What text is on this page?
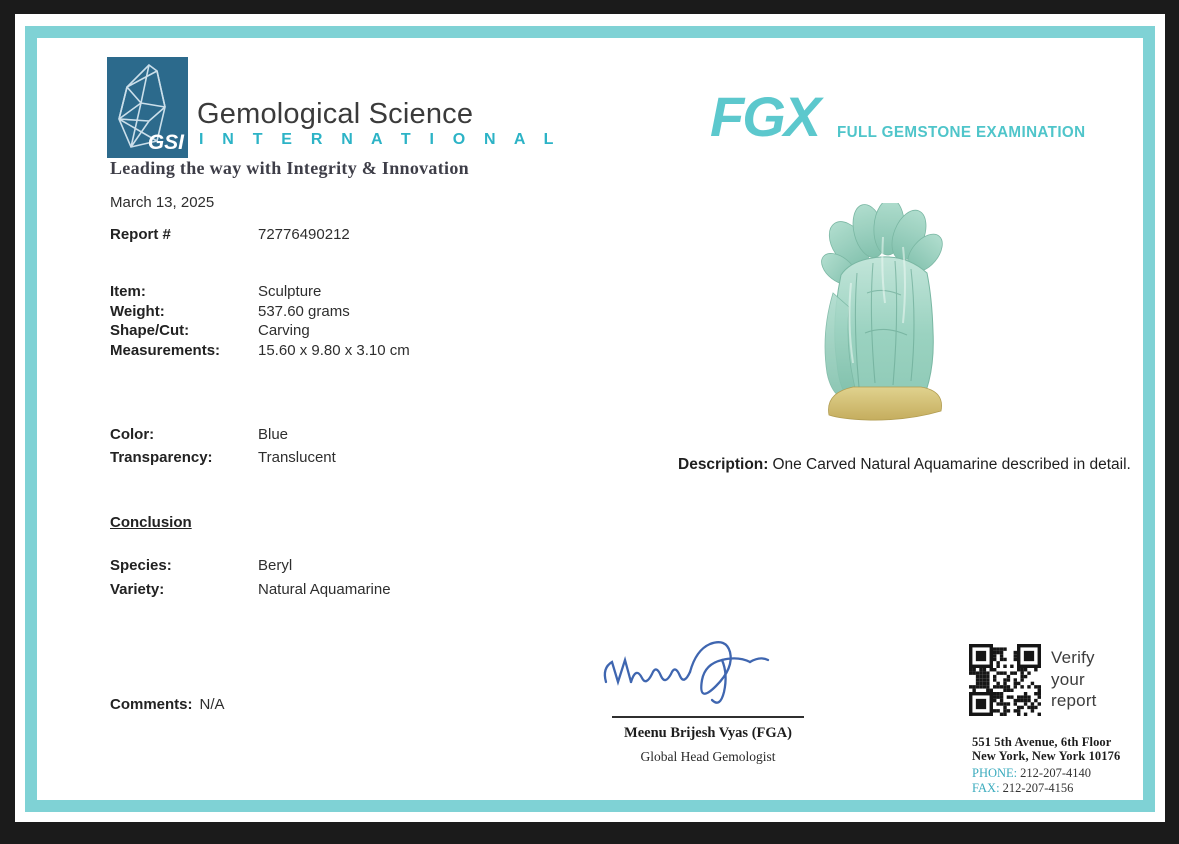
GSI
Gemological Science
I N T E R N A T I O N A L
Leading the way with Integrity & Innovation
FGX FULL GEMSTONE EXAMINATION
March 13, 2025
Report #	72776490212
Item:	Sculpture
Weight:	537.60 grams
Shape/Cut:	Carving
Measurements:	15.60 x 9.80 x 3.10 cm
Color:	Blue
Transparency:	Translucent
Conclusion
Species:	Beryl
Variety:	Natural Aquamarine
Comments: N/A
Description: One Carved Natural Aquamarine described in detail.
Meenu Brijesh Vyas (FGA)
Global Head Gemologist
Verify your report
551 5th Avenue, 6th Floor
New York, New York 10176
PHONE: 212-207-4140
FAX: 212-207-4156
